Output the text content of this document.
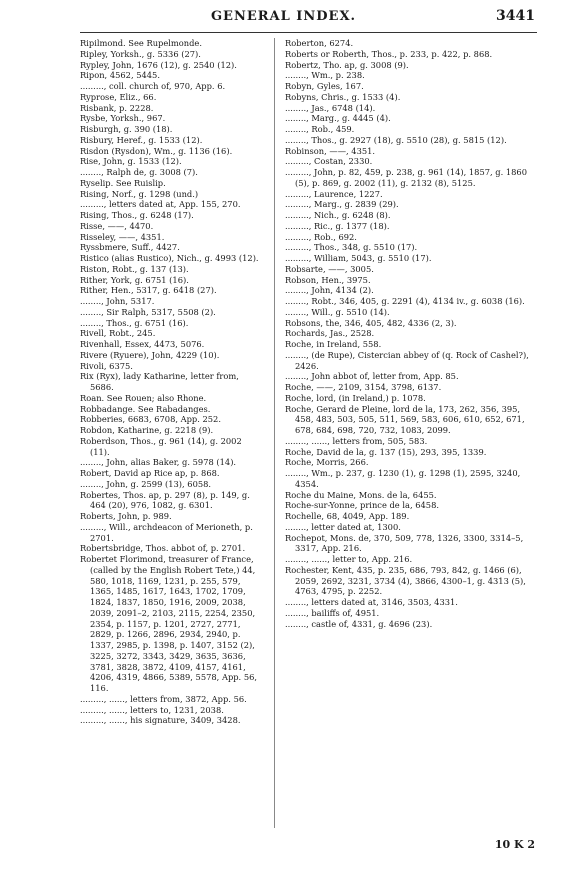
GENERAL INDEX.	3441
Ripilmond. See Rupelmonde.
Ripley, Yorksh., g. 5336 (27).
Rypley, John, 1676 (12), g. 2540 (12).
Ripon, 4562, 5445.
........., coll. church of, 970, App. 6.
Ryprose, Eliz., 66.
Risbank, p. 2228.
Rysbe, Yorksh., 967.
Risburgh, g. 390 (18).
Risbury, Heref., g. 1533 (12).
Risdon (Rysdon), Wm., g. 1136 (16).
Rise, John, g. 1533 (12).
........, Ralph de, g. 3008 (7).
Ryselip. See Ruislip.
Rising, Norf., g. 1298 (und.)
........., letters dated at, App. 155, 270.
Rising, Thos., g. 6248 (17).
Risse, ——, 4470.
Risseley, ——, 4351.
Ryssbmere, Suff., 4427.
Ristico (alias Rustico), Nich., g. 4993 (12).
Riston, Robt., g. 137 (13).
Rither, York, g. 6751 (16).
Rither, Hen., 5317, g. 6418 (27).
........, John, 5317.
........, Sir Ralph, 5317, 5508 (2).
........, Thos., g. 6751 (16).
Rivell, Robt., 245.
Rivenhall, Essex, 4473, 5076.
Rivere (Ryuere), John, 4229 (10).
Rivoli, 6375.
Rix (Ryx), lady Katharine, letter from, 5686.
Roan. See Rouen; also Rhone.
Robbadange. See Rabadanges.
Robberies, 6683, 6708, App. 252.
Robdon, Katharine, g. 2218 (9).
Roberdson, Thos., g. 961 (14), g. 2002 (11).
........, John, alias Baker, g. 5978 (14).
Robert, David ap Rice ap, p. 868.
........, John, g. 2599 (13), 6058.
Robertes, Thos. ap, p. 297 (8), p. 149, g. 464 (20), 976, 1082, g. 6301.
Roberts, John, p. 989.
........., Will., archdeacon of Merioneth, p. 2701.
Robertsbridge, Thos. abbot of, p. 2701.
Robertet Florimond, treasurer of France, (called by the English Robert Tete,) 44, 580, 1018, 1169, 1231, p. 255, 579, 1365, 1485, 1617, 1643, 1702, 1709, 1824, 1837, 1850, 1916, 2009, 2038, 2039, 2091–2, 2103, 2115, 2254, 2350, 2354, p. 1157, p. 1201, 2727, 2771, 2829, p. 1266, 2896, 2934, 2940, p. 1337, 2985, p. 1398, p. 1407, 3152 (2), 3225, 3272, 3343, 3429, 3635, 3636, 3781, 3828, 3872, 4109, 4157, 4161, 4206, 4319, 4866, 5389, 5578, App. 56, 116.
........., ......, letters from, 3872, App. 56.
........., ......, letters to, 1231, 2038.
........., ......, his signature, 3409, 3428.
Roberton, 6274.
Roberts or Roberth, Thos., p. 233, p. 422, p. 868.
Robertz, Tho. ap, g. 3008 (9).
........, Wm., p. 238.
Robyn, Gyles, 167.
Robyns, Chris., g. 1533 (4).
........, Jas., 6748 (14).
........, Marg., g. 4445 (4).
........, Rob., 459.
........, Thos., g. 2927 (18), g. 5510 (28), g. 5815 (12).
Robinson, ——, 4351.
........., Costan, 2330.
........., John, p. 82, 459, p. 238, g. 961 (14), 1857, g. 1860 (5), p. 869, g. 2002 (11), g. 2132 (8), 5125.
........., Laurence, 1227.
........., Marg., g. 2839 (29).
........., Nich., g. 6248 (8).
........., Ric., g. 1377 (18).
........., Rob., 692.
........., Thos., 348, g. 5510 (17).
........., William, 5043, g. 5510 (17).
Robsarte, ——, 3005.
Robson, Hen., 3975.
........, John, 4134 (2).
........, Robt., 346, 405, g. 2291 (4), 4134 iv., g. 6038 (16).
........, Will., g. 5510 (14).
Robsons, the, 346, 405, 482, 4336 (2, 3).
Rochards, Jas., 2528.
Roche, in Ireland, 558.
........, (de Rupe), Cistercian abbey of (q. Rock of Cashel?), 2426.
........, John abbot of, letter from, App. 85.
Roche, ——, 2109, 3154, 3798, 6137.
Roche, lord, (in Ireland,) p. 1078.
Roche, Gerard de Pleine, lord de la, 173, 262, 356, 395, 458, 483, 503, 505, 511, 569, 583, 606, 610, 652, 671, 678, 684, 698, 720, 732, 1083, 2099.
........, ......, letters from, 505, 583.
Roche, David de la, g. 137 (15), 293, 395, 1339.
Roche, Morris, 266.
........, Wm., p. 237, g. 1230 (1), g. 1298 (1), 2595, 3240, 4354.
Roche du Maine, Mons. de la, 6455.
Roche-sur-Yonne, prince de la, 6458.
Rochelle, 68, 4049, App. 189.
........, letter dated at, 1300.
Rochepot, Mons. de, 370, 509, 778, 1326, 3300, 3314–5, 3317, App. 216.
........, ......, letter to, App. 216.
Rochester, Kent, 435, p. 235, 686, 793, 842, g. 1466 (6), 2059, 2692, 3231, 3734 (4), 3866, 4300–1, g. 4313 (5), 4763, 4795, p. 2252.
........, letters dated at, 3146, 3503, 4331.
........, bailiffs of, 4951.
........, castle of, 4331, g. 4696 (23).
10 K 2
